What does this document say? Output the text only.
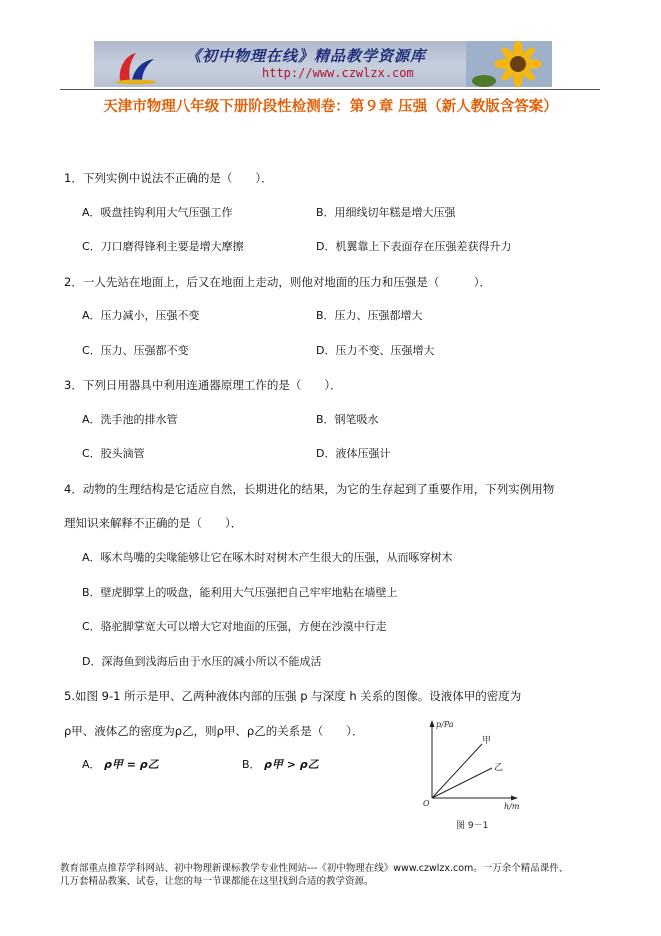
《初中物理在线》精品教学资源库
http://www.czwlzx.com
天津市物理八年级下册阶段性检测卷：第９章 压强（新人教版含答案）
1．下列实例中说法不正确的是（　　）．
A．吸盘挂钩利用大气压强工作	B．用细线切年糕是增大压强
C．刀口磨得锋利主要是增大摩擦	D．机翼靠上下表面存在压强差获得升力
2．一人先站在地面上，后又在地面上走动，则他对地面的压力和压强是（　　　）．
A．压力减小，压强不变	B．压力、压强都增大
C．压力、压强都不变	D．压力不变、压强增大
3．下列日用器具中利用连通器原理工作的是（　　）．
A．洗手池的排水管	B．钢笔吸水
C．胶头滴管	D．液体压强计
4．动物的生理结构是它适应自然，长期进化的结果，为它的生存起到了重要作用，下列实例用物
理知识来解释不正确的是（　　）．
A．啄木鸟嘴的尖喙能够让它在啄木时对树木产生很大的压强，从而啄穿树木
B．壁虎脚掌上的吸盘，能利用大气压强把自己牢牢地粘在墙壁上
C．骆驼脚掌宽大可以增大它对地面的压强，方便在沙漠中行走
D．深海鱼到浅海后由于水压的减小所以不能成活
5.如图 9-1 所示是甲、乙两种液体内部的压强 p 与深度 h 关系的图像。设液体甲的密度为
ρ甲、液体乙的密度为ρ乙，则ρ甲、ρ乙的关系是（　　）．
A． ρ甲 = ρ乙	B． ρ甲 > ρ乙
p/Pa
h/m
O
甲
乙
图 9－1
教育部重点推荐学科网站、初中物理新课标教学专业性网站---《初中物理在线》www.czwlzx.com。一万余个精品课件、
几万套精品教案、试卷，让您的每一节课都能在这里找到合适的教学资源。
